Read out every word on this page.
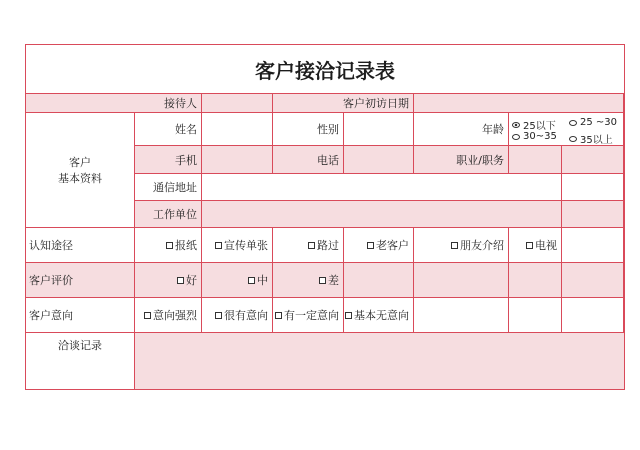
客户接洽记录表
接待人	客户初访日期
客户
基本资料
姓名	性别	年龄	25以下 25 ~30
30~35 35以上
手机	电话	职业/职务
通信地址
工作单位
认知途径	报纸 宣传单张	路过	老客户	朋友介绍	电视
客户评价	好	中	差
客户意向	意向强烈 很有意向 有一定意向 基本无意向
洽谈记录
